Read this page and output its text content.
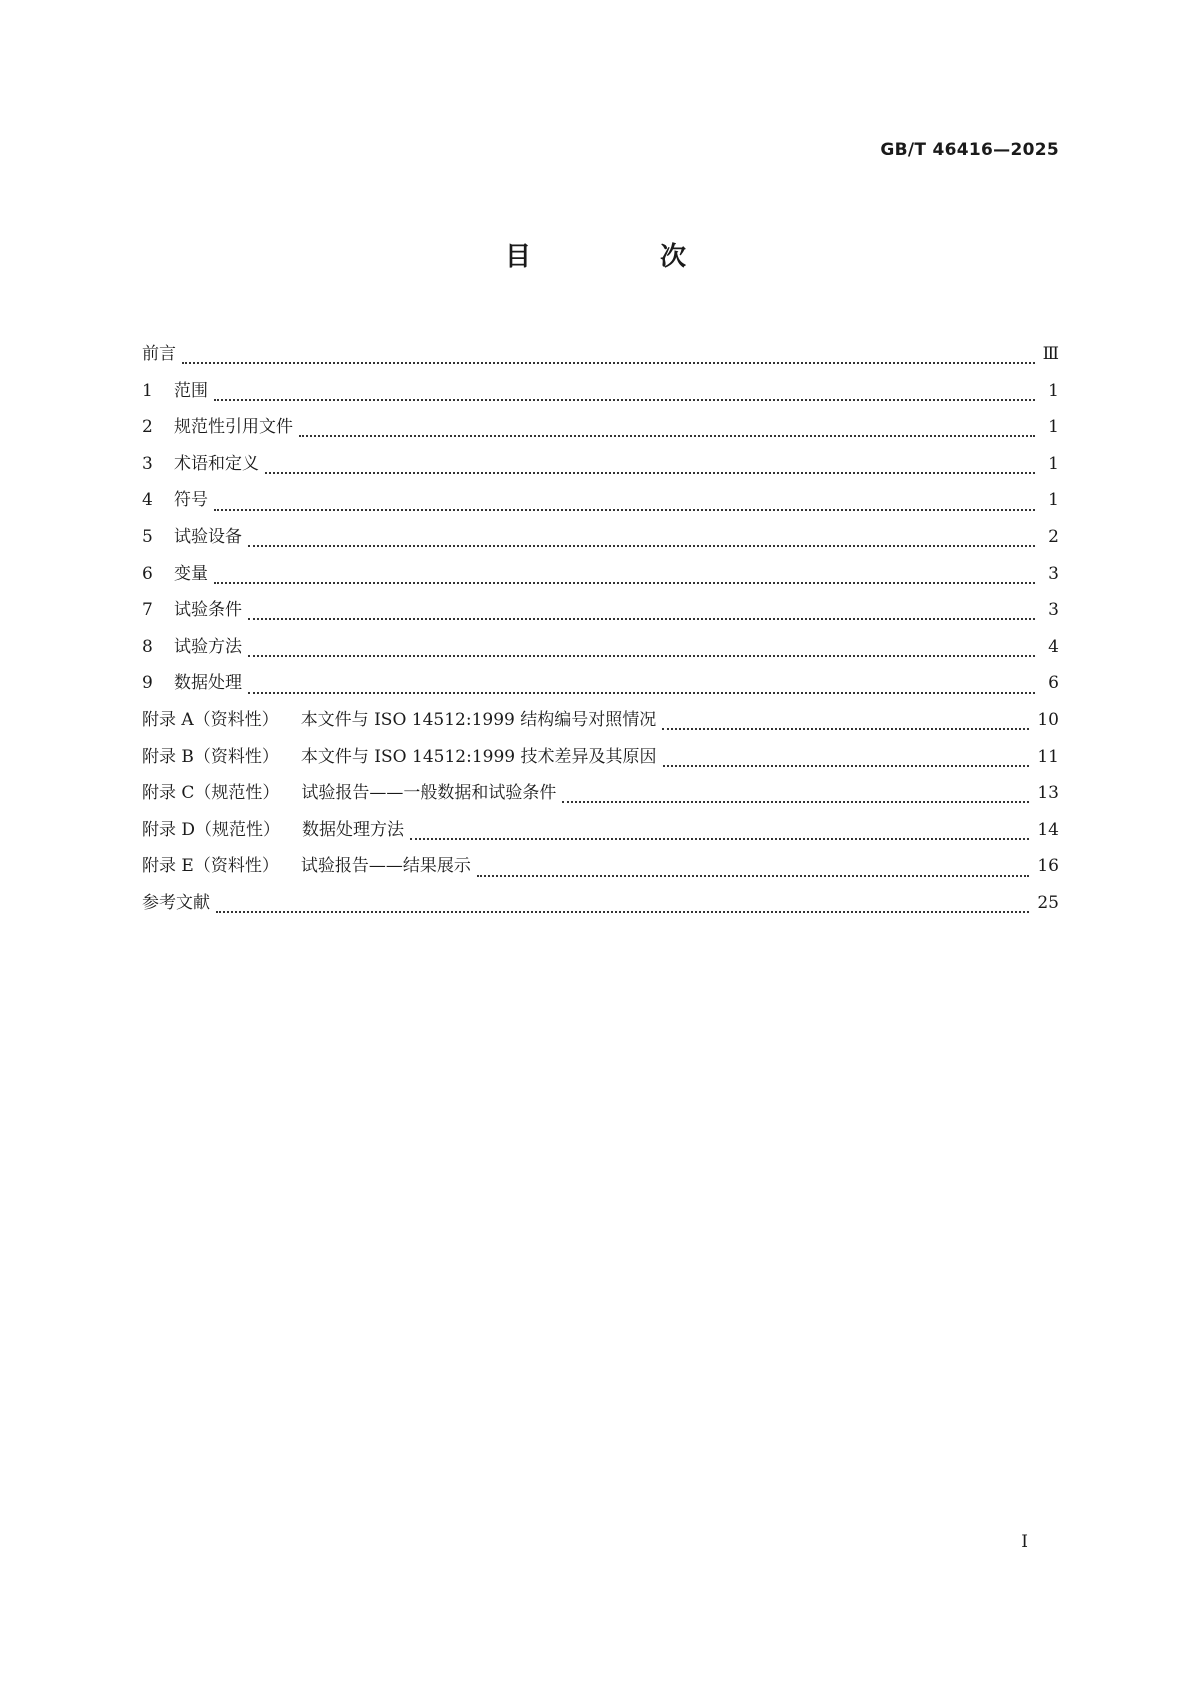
GB/T 46416—2025
目 次
前言	Ⅲ
1	范围	1
2	规范性引用文件	1
3	术语和定义	1
4	符号	1
5	试验设备	2
6	变量	3
7	试验条件	3
8	试验方法	4
9	数据处理	6
附录 A（资料性） 本文件与 ISO 14512:1999 结构编号对照情况	10
附录 B（资料性） 本文件与 ISO 14512:1999 技术差异及其原因	11
附录 C（规范性） 试验报告——一般数据和试验条件	13
附录 D（规范性） 数据处理方法	14
附录 E（资料性） 试验报告——结果展示	16
参考文献	25
I
